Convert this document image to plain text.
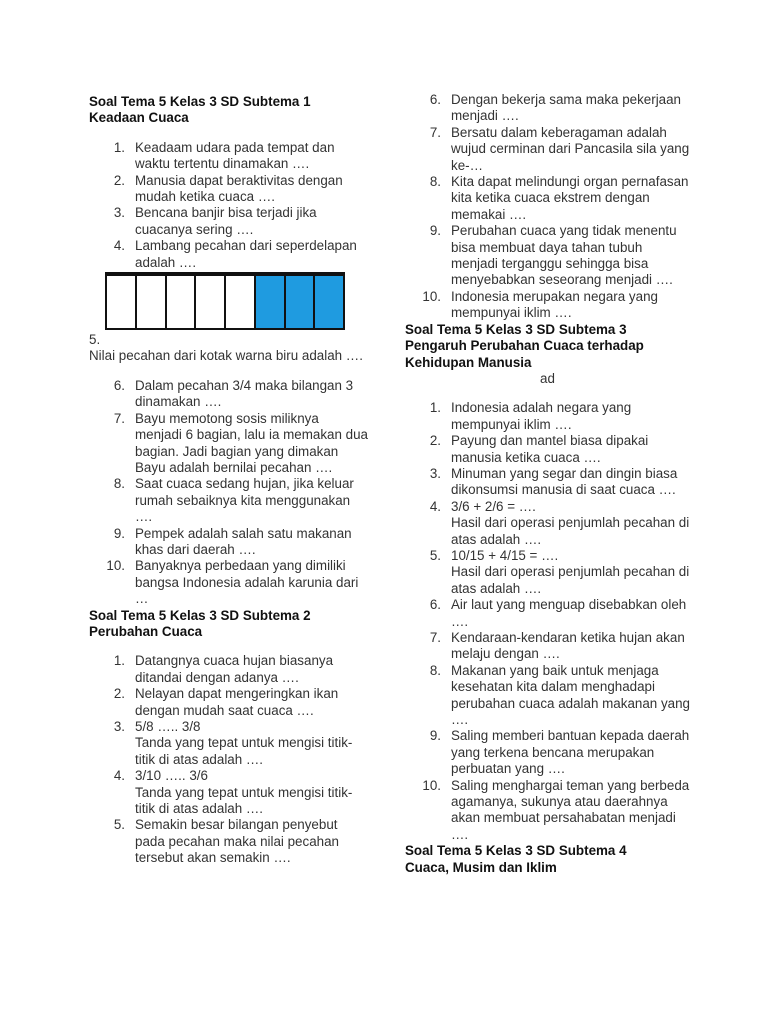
Soal Tema 5 Kelas 3 SD Subtema 1
Keadaan Cuaca

1. Keadaam udara pada tempat dan waktu tertentu dinamakan ….
2. Manusia dapat beraktivitas dengan mudah ketika cuaca ….
3. Bencana banjir bisa terjadi jika cuacanya sering ….
4. Lambang pecahan dari seperdelapan adalah ….
5.
Nilai pecahan dari kotak warna biru adalah ….
6. Dalam pecahan 3/4 maka bilangan 3 dinamakan ….
7. Bayu memotong sosis miliknya menjadi 6 bagian, lalu ia memakan dua bagian. Jadi bagian yang dimakan Bayu adalah bernilai pecahan ….
8. Saat cuaca sedang hujan, jika keluar rumah sebaiknya kita menggunakan ….
9. Pempek adalah salah satu makanan khas dari daerah ….
10. Banyaknya perbedaan yang dimiliki bangsa Indonesia adalah karunia dari …

Soal Tema 5 Kelas 3 SD Subtema 2
Perubahan Cuaca

1. Datangnya cuaca hujan biasanya ditandai dengan adanya ….
2. Nelayan dapat mengeringkan ikan dengan mudah saat cuaca ….
3. 5/8 ….. 3/8
Tanda yang tepat untuk mengisi titik-titik di atas adalah ….
4. 3/10 ….. 3/6
Tanda yang tepat untuk mengisi titik-titik di atas adalah ….
5. Semakin besar bilangan penyebut pada pecahan maka nilai pecahan tersebut akan semakin ….
6. Dengan bekerja sama maka pekerjaan menjadi ….
7. Bersatu dalam keberagaman adalah wujud cerminan dari Pancasila sila yang ke-…
8. Kita dapat melindungi organ pernafasan kita ketika cuaca ekstrem dengan memakai ….
9. Perubahan cuaca yang tidak menentu bisa membuat daya tahan tubuh menjadi terganggu sehingga bisa menyebabkan seseorang menjadi ….
10. Indonesia merupakan negara yang mempunyai iklim ….

Soal Tema 5 Kelas 3 SD Subtema 3
Pengaruh Perubahan Cuaca terhadap
Kehidupan Manusia

ad
1. Indonesia adalah negara yang mempunyai iklim ….
2. Payung dan mantel biasa dipakai manusia ketika cuaca ….
3. Minuman yang segar dan dingin biasa dikonsumsi manusia di saat cuaca ….
4. 3/6 + 2/6 = ….
Hasil dari operasi penjumlah pecahan di atas adalah ….
5. 10/15 + 4/15 = ….
Hasil dari operasi penjumlah pecahan di atas adalah ….
6. Air laut yang menguap disebabkan oleh ….
7. Kendaraan-kendaran ketika hujan akan melaju dengan ….
8. Makanan yang baik untuk menjaga kesehatan kita dalam menghadapi perubahan cuaca adalah makanan yang ….
9. Saling memberi bantuan kepada daerah yang terkena bencana merupakan perbuatan yang ….
10. Saling menghargai teman yang berbeda agamanya, sukunya atau daerahnya akan membuat persahabatan menjadi ….

Soal Tema 5 Kelas 3 SD Subtema 4
Cuaca, Musim dan Iklim
